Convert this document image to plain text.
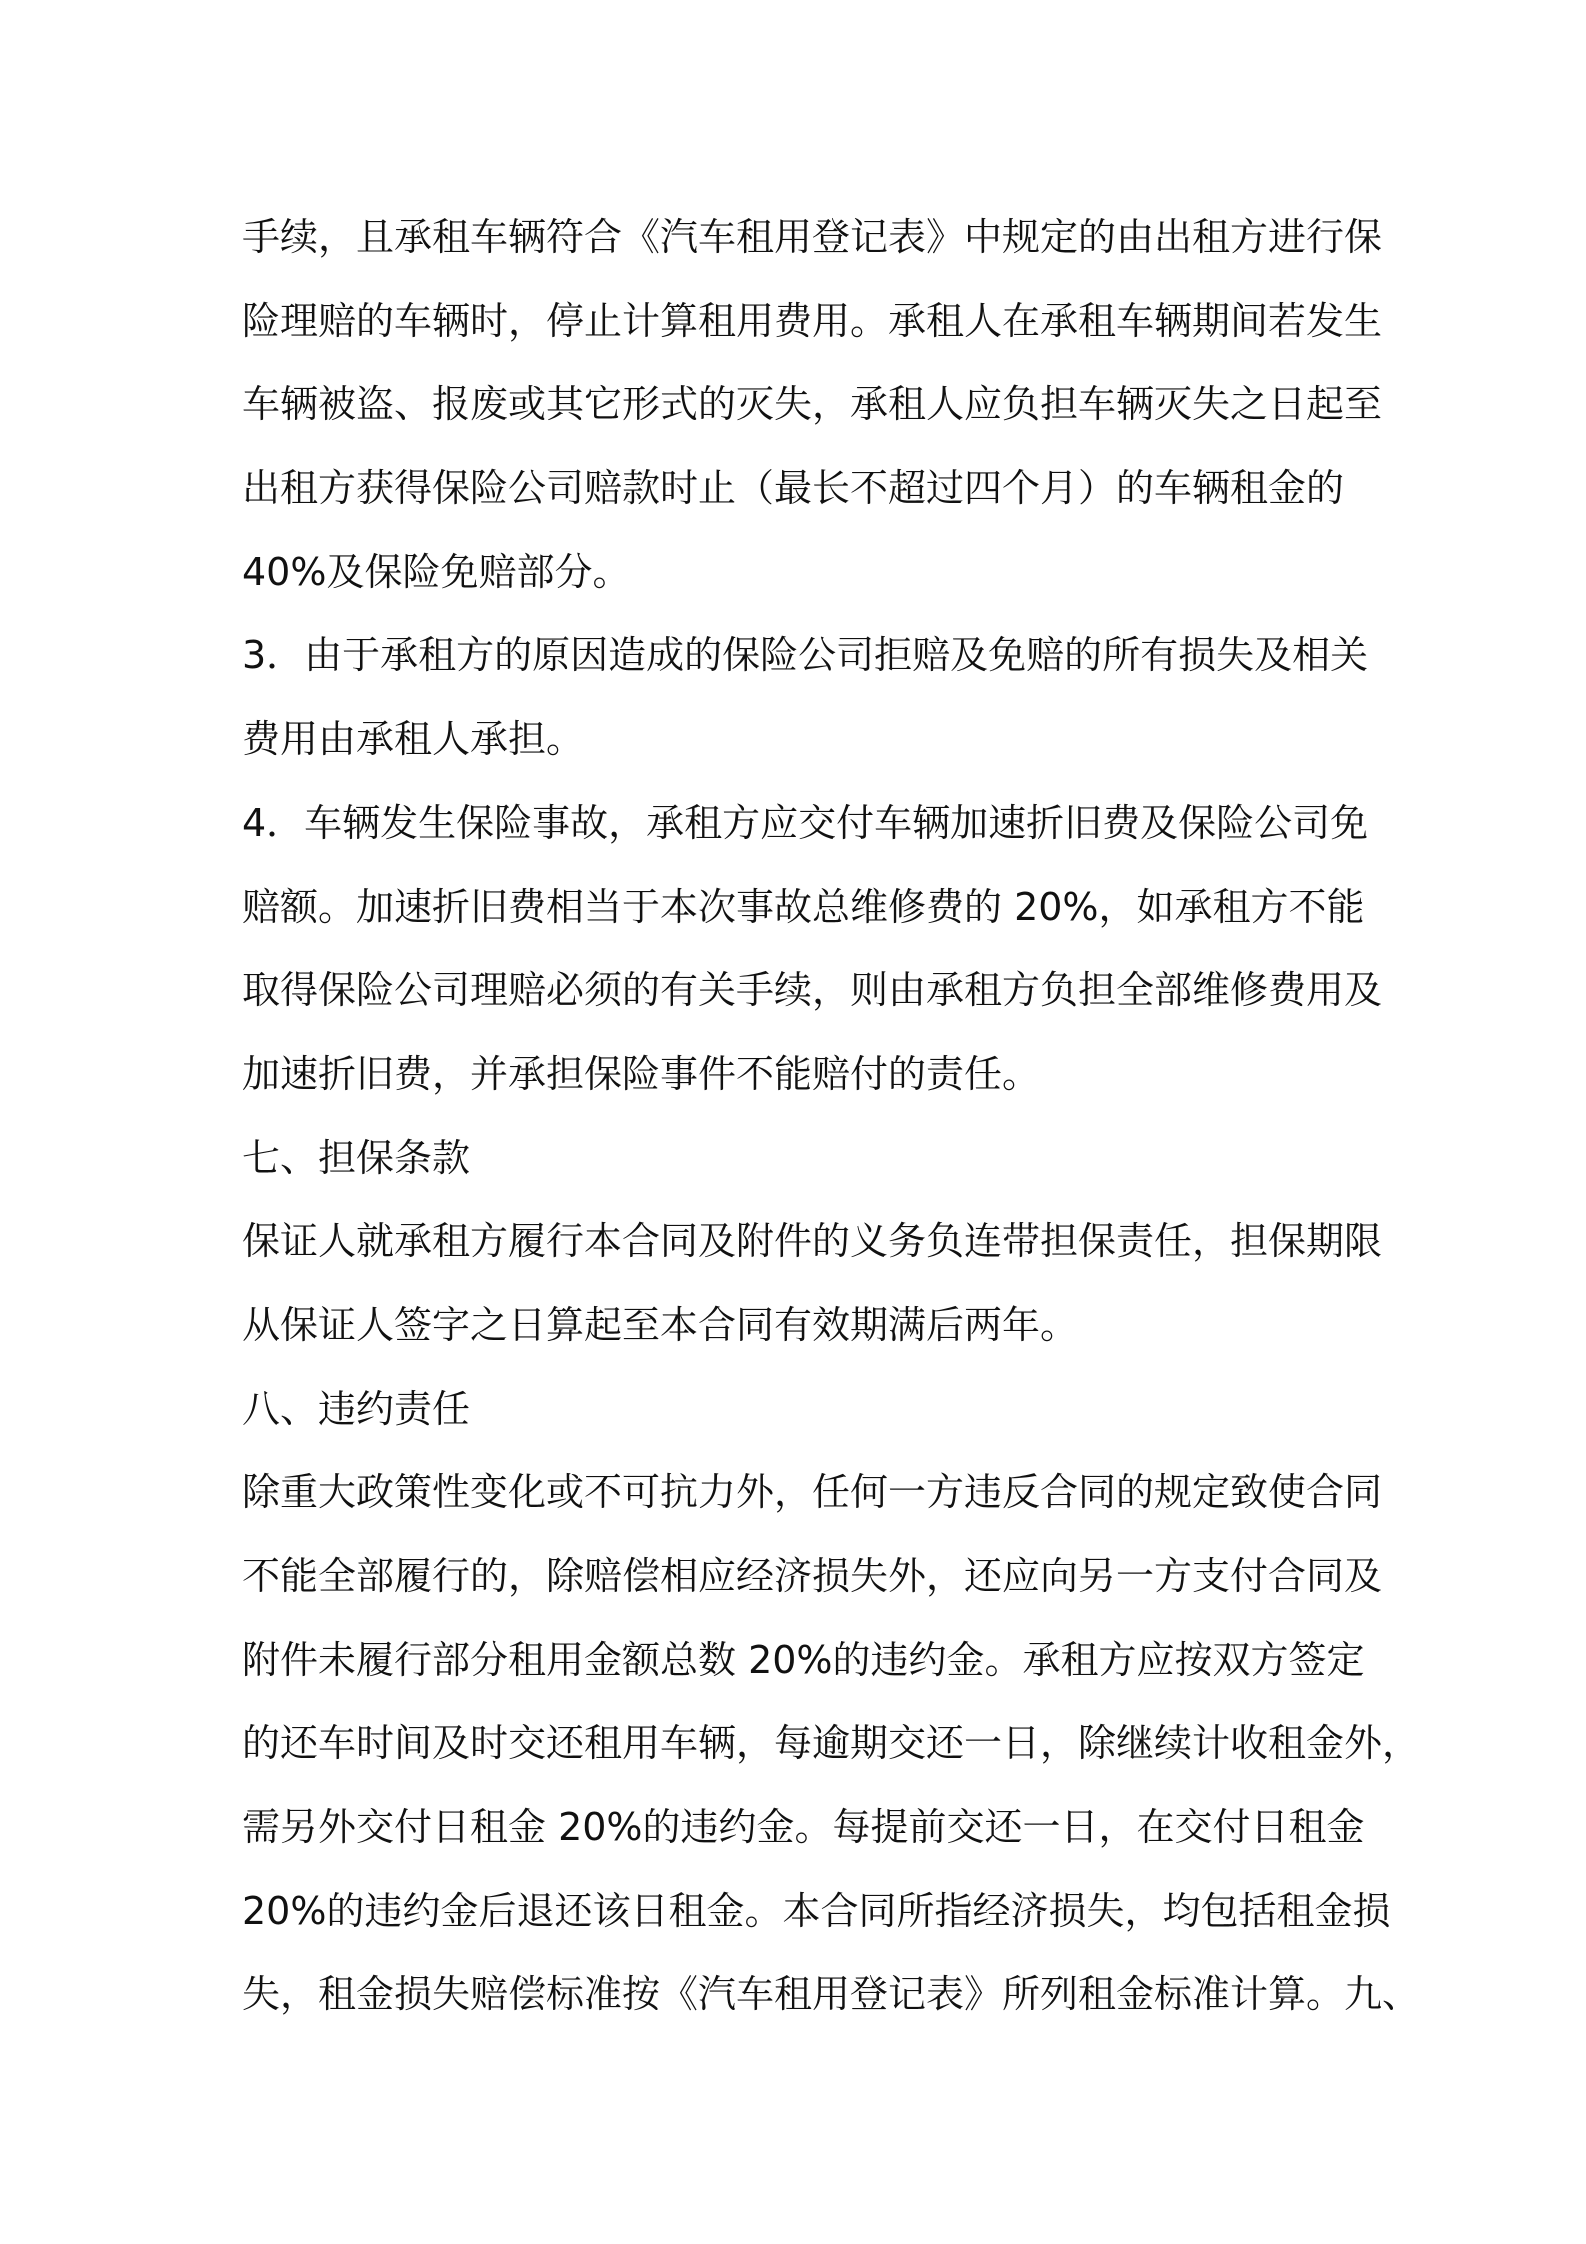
手续，且承租车辆符合《汽车租用登记表》中规定的由出租方进行保
险理赔的车辆时，停止计算租用费用。承租人在承租车辆期间若发生
车辆被盗、报废或其它形式的灭失，承租人应负担车辆灭失之日起至
出租方获得保险公司赔款时止（最长不超过四个月）的车辆租金的
40%及保险免赔部分。
3．由于承租方的原因造成的保险公司拒赔及免赔的所有损失及相关
费用由承租人承担。
4．车辆发生保险事故，承租方应交付车辆加速折旧费及保险公司免
赔额。加速折旧费相当于本次事故总维修费的 20%，如承租方不能
取得保险公司理赔必须的有关手续，则由承租方负担全部维修费用及
加速折旧费，并承担保险事件不能赔付的责任。
七、担保条款
保证人就承租方履行本合同及附件的义务负连带担保责任，担保期限
从保证人签字之日算起至本合同有效期满后两年。
八、违约责任
除重大政策性变化或不可抗力外，任何一方违反合同的规定致使合同
不能全部履行的，除赔偿相应经济损失外，还应向另一方支付合同及
附件未履行部分租用金额总数 20%的违约金。承租方应按双方签定
的还车时间及时交还租用车辆，每逾期交还一日，除继续计收租金外，
需另外交付日租金 20%的违约金。每提前交还一日，在交付日租金
20%的违约金后退还该日租金。本合同所指经济损失，均包括租金损
失，租金损失赔偿标准按《汽车租用登记表》所列租金标准计算。九、
